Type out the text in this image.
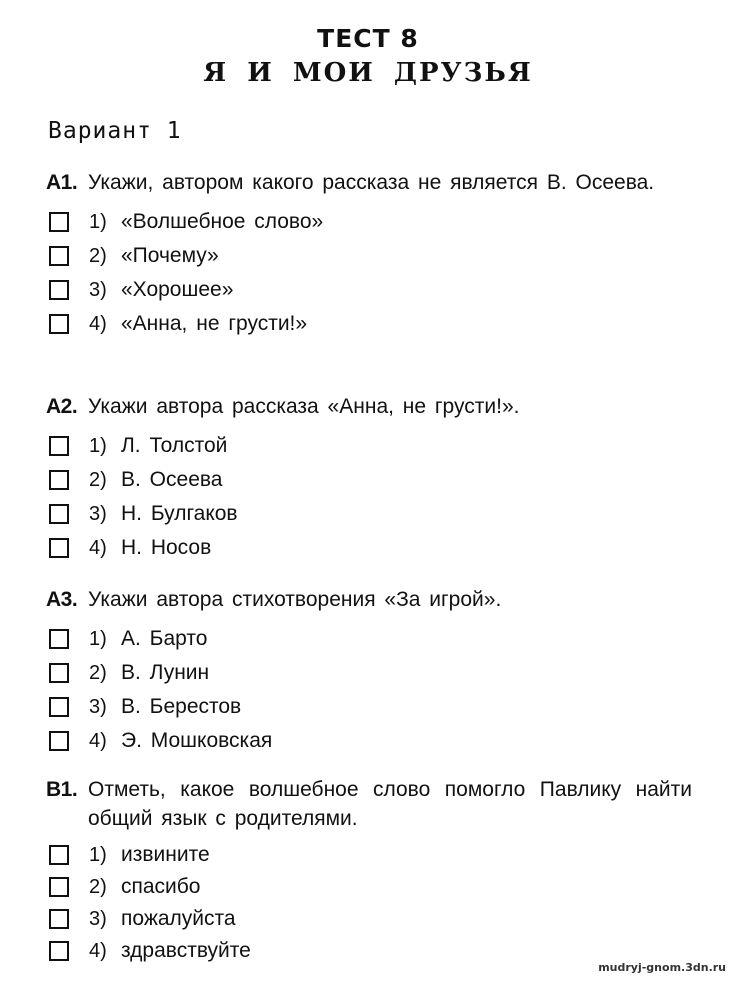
ТЕСТ 8
Я И МОИ ДРУЗЬЯ
Вариант 1
А1. Укажи, автором какого рассказа не является В. Осеева.
1) «Волшебное слово»
2) «Почему»
3) «Хорошее»
4) «Анна, не грусти!»
А2. Укажи автора рассказа «Анна, не грусти!».
1) Л. Толстой
2) В. Осеева
3) Н. Булгаков
4) Н. Носов
А3. Укажи автора стихотворения «За игрой».
1) А. Барто
2) В. Лунин
3) В. Берестов
4) Э. Мошковская
В1. Отметь, какое волшебное слово помогло Павлику найти общий язык с родителями.
1) извините
2) спасибо
3) пожалуйста
4) здравствуйте
mudryj-gnom.3dn.ru
